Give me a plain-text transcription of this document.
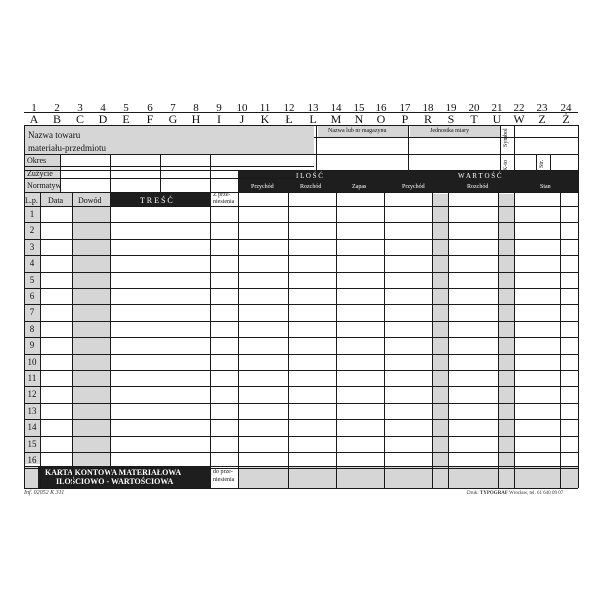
1	2	3	4	5	6	7	8	9	10	11	12	13	14	15	16	17	18	19	20	21	22	23	24
A	B	C	D	E	F	G	H	I	J	K	Ł	L	M	N	O	P	R	S	T	U	W	Z	Ż
Nazwa towaru
materiału-przedmiotu
Nazwa lub nr magazynu	Jednostka miary	Symbol
K-to	Str.
Okres
Zużycie
Normatyw
L.p. Data Dowód	T R E Ś Ć
Z prze-
niesienia
I L O Ś Ć	W A R T O Ś Ć
Przychód	Rozchód	Zapas	Przychód	Rozchód	Stan
1
2
3
4
5
6
7
8
9
10
11
12
13
14
15
16
KARTA KONTOWA MATERIAŁOWA
ILOŚCIOWO - WARTOŚCIOWA
do prze-
niesienia
Inf. 02052 K 311	Druk: TYPOGRAF Wrocław, tel. 61 640 09 07
